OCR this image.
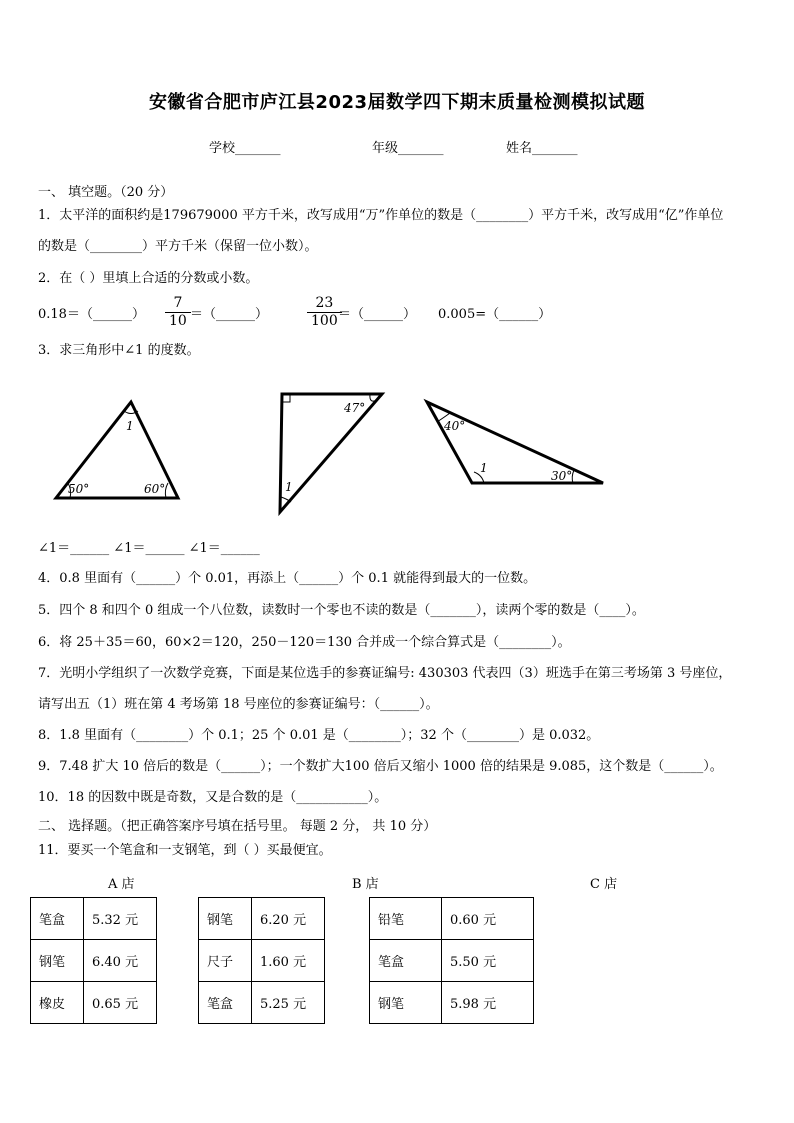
安徽省合肥市庐江县2023届数学四下期末质量检测模拟试题
学校_______	年级_______	姓名_______
一、 填空题。（20 分）
1．太平洋的面积约是179679000 平方千米，改写成用“万”作单位的数是（________）平方千米，改写成用“亿”作单位
的数是（________）平方千米（保留一位小数）。
2．在（ ）里填上合适的分数或小数。
0.18＝（______） $\frac{7}{10}$ ＝（______）	$\frac{23}{100}$
＝（______） 0.005=（______）
3．求三角形中∠1 的度数。
1
50°	60°
47°
1
40°
1
30°
∠1＝______ ∠1＝______ ∠1＝______
4．0.8 里面有（______）个 0.01，再添上（______）个 0.1 就能得到最大的一位数。
5．四个 8 和四个 0 组成一个八位数，读数时一个零也不读的数是（_______），读两个零的数是（____）。
6．将 25＋35＝60，60×2＝120，250－120＝130 合并成一个综合算式是（________）。
7．光明小学组织了一次数学竞赛，下面是某位选手的参赛证编号: 430303 代表四（3）班选手在第三考场第 3 号座位，
请写出五（1）班在第 4 考场第 18 号座位的参赛证编号：（______）。
8．1.8 里面有（________）个 0.1；25 个 0.01 是（________）；32 个（________）是 0.032。
9．7.48 扩大 10 倍后的数是（______）；一个数扩大100 倍后又缩小 1000 倍的结果是 9.085，这个数是（______）。
10．18 的因数中既是奇数，又是合数的是（___________）。
二、 选择题。（把正确答案序号填在括号里。 每题 2 分， 共 10 分）
11．要买一个笔盒和一支钢笔，到（ ）买最便宜。
A 店	B 店	C 店
笔盒	5.32 元
钢笔	6.40 元
橡皮	0.65 元
钢笔	6.20 元
尺子	1.60 元
笔盒	5.25 元
铅笔	0.60 元
笔盒	5.50 元
钢笔	5.98 元
